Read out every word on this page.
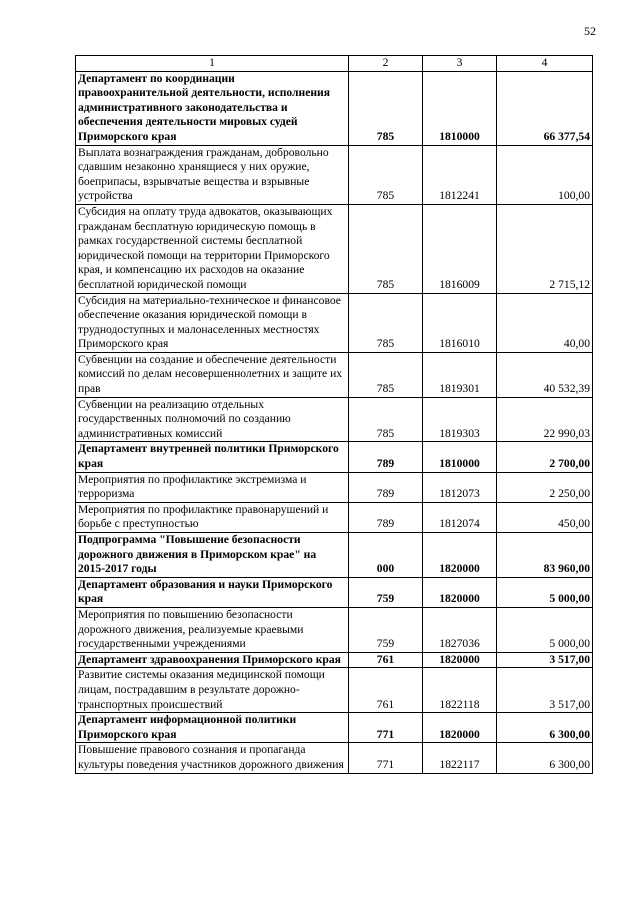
52
1	2	3	4
Департамент по координации правоохранительной деятельности, исполнения административного законодательства и обеспечения деятельности мировых судей Приморского края	785	1810000	66 377,54
Выплата вознаграждения гражданам, добровольно сдавшим незаконно хранящиеся у них оружие, боеприпасы, взрывчатые вещества и взрывные устройства	785	1812241	100,00
Субсидия на оплату труда адвокатов, оказывающих гражданам бесплатную юридическую помощь в рамках государственной системы бесплатной юридической помощи на территории Приморского края, и компенсацию их расходов на оказание бесплатной юридической помощи	785	1816009	2 715,12
Субсидия на материально-техническое и финансовое обеспечение оказания юридической помощи в труднодоступных и малонаселенных местностях Приморского края	785	1816010	40,00
Субвенции на создание и обеспечение деятельности комиссий по делам несовершеннолетних и защите их прав	785	1819301	40 532,39
Субвенции на реализацию отдельных государственных полномочий по созданию административных комиссий	785	1819303	22 990,03
Департамент внутренней политики Приморского края	789	1810000	2 700,00
Мероприятия по профилактике экстремизма и терроризма	789	1812073	2 250,00
Мероприятия по профилактике правонарушений и борьбе с преступностью	789	1812074	450,00
Подпрограмма "Повышение безопасности дорожного движения в Приморском крае" на 2015-2017 годы	000	1820000	83 960,00
Департамент образования и науки Приморского края	759	1820000	5 000,00
Мероприятия по повышению безопасности дорожного движения, реализуемые краевыми государственными учреждениями	759	1827036	5 000,00
Департамент здравоохранения Приморского края	761	1820000	3 517,00
Развитие системы оказания медицинской помощи лицам, пострадавшим в результате дорожно-транспортных происшествий	761	1822118	3 517,00
Департамент информационной политики Приморского края	771	1820000	6 300,00
Повышение правового сознания и пропаганда культуры поведения участников дорожного движения	771	1822117	6 300,00
